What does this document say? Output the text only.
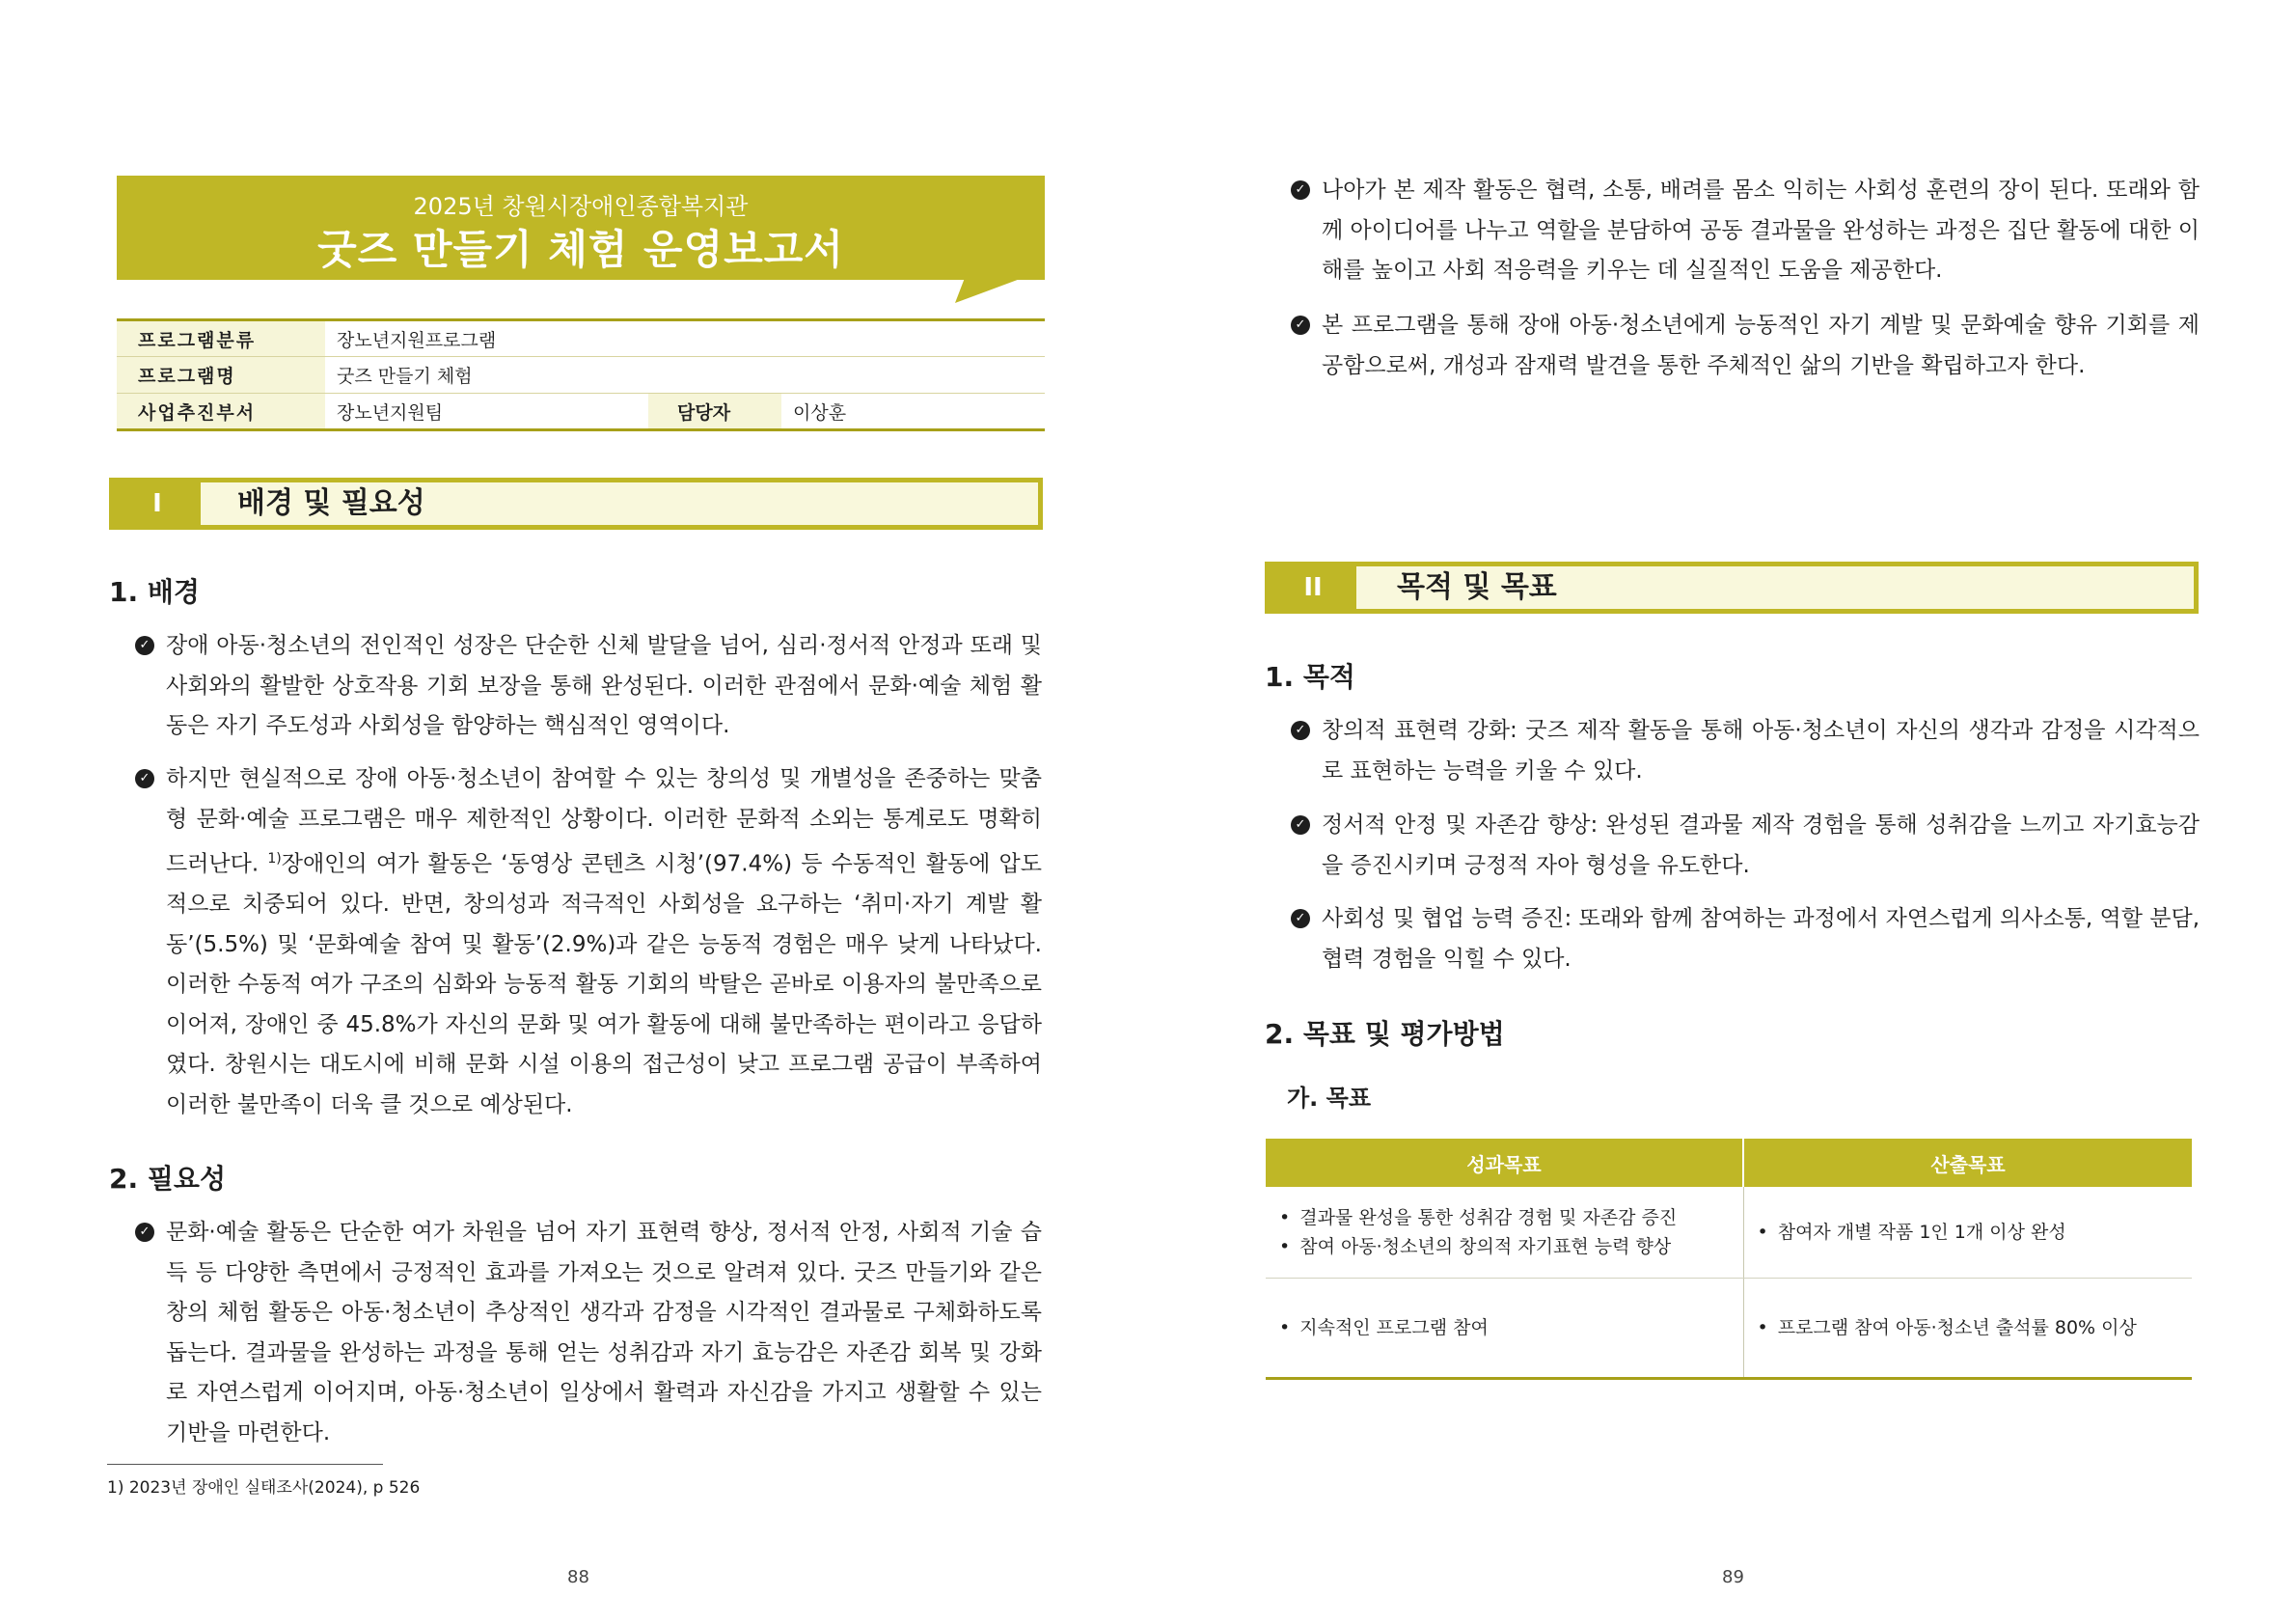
2025년 창원시장애인종합복지관
굿즈 만들기 체험 운영보고서
프로그램분류	장노년지원프로그램		
프로그램명	굿즈 만들기 체험		
사업추진부서	장노년지원팀	담당자	이상훈
I	배경 및 필요성
1. 배경
✓ 장애 아동·청소년의 전인적인 성장은 단순한 신체 발달을 넘어, 심리·정서적 안정과 또래 및 사회와의 활발한 상호작용 기회 보장을 통해 완성된다. 이러한 관점에서 문화·예술 체험 활동은 자기 주도성과 사회성을 함양하는 핵심적인 영역이다.
✓ 하지만 현실적으로 장애 아동·청소년이 참여할 수 있는 창의성 및 개별성을 존중하는 맞춤형 문화·예술 프로그램은 매우 제한적인 상황이다. 이러한 문화적 소외는 통계로도 명확히 드러난다. $^{1)}$장애인의 여가 활동은 ‘동영상 콘텐츠 시청’(97.4%) 등 수동적인 활동에 압도적으로 치중되어 있다. 반면, 창의성과 적극적인 사회성을 요구하는 ‘취미·자기 계발 활동’(5.5%) 및 ‘문화예술 참여 및 활동’(2.9%)과 같은 능동적 경험은 매우 낮게 나타났다. 이러한 수동적 여가 구조의 심화와 능동적 활동 기회의 박탈은 곧바로 이용자의 불만족으로 이어져, 장애인 중 45.8%가 자신의 문화 및 여가 활동에 대해 불만족하는 편이라고 응답하였다. 창원시는 대도시에 비해 문화 시설 이용의 접근성이 낮고 프로그램 공급이 부족하여 이러한 불만족이 더욱 클 것으로 예상된다.
2. 필요성
✓ 문화·예술 활동은 단순한 여가 차원을 넘어 자기 표현력 향상, 정서적 안정, 사회적 기술 습득 등 다양한 측면에서 긍정적인 효과를 가져오는 것으로 알려져 있다. 굿즈 만들기와 같은 창의 체험 활동은 아동·청소년이 추상적인 생각과 감정을 시각적인 결과물로 구체화하도록 돕는다. 결과물을 완성하는 과정을 통해 얻는 성취감과 자기 효능감은 자존감 회복 및 강화로 자연스럽게 이어지며, 아동·청소년이 일상에서 활력과 자신감을 가지고 생활할 수 있는 기반을 마련한다.
1) 2023년 장애인 실태조사(2024), p 526
88
✓ 나아가 본 제작 활동은 협력, 소통, 배려를 몸소 익히는 사회성 훈련의 장이 된다. 또래와 함께 아이디어를 나누고 역할을 분담하여 공동 결과물을 완성하는 과정은 집단 활동에 대한 이해를 높이고 사회 적응력을 키우는 데 실질적인 도움을 제공한다.
✓ 본 프로그램을 통해 장애 아동·청소년에게 능동적인 자기 계발 및 문화예술 향유 기회를 제공함으로써, 개성과 잠재력 발견을 통한 주체적인 삶의 기반을 확립하고자 한다.
II	목적 및 목표
1. 목적
✓ 창의적 표현력 강화: 굿즈 제작 활동을 통해 아동·청소년이 자신의 생각과 감정을 시각적으로 표현하는 능력을 키울 수 있다.
✓ 정서적 안정 및 자존감 향상: 완성된 결과물 제작 경험을 통해 성취감을 느끼고 자기효능감을 증진시키며 긍정적 자아 형성을 유도한다.
✓ 사회성 및 협업 능력 증진: 또래와 함께 참여하는 과정에서 자연스럽게 의사소통, 역할 분담, 협력 경험을 익힐 수 있다.
2. 목표 및 평가방법
가. 목표
성과목표	산출목표

• 결과물 완성을 통한 성취감 경험 및 자존감 증진
• 참여 아동·청소년의 창의적 자기표현 능력 향상	• 참여자 개별 작품 1인 1개 이상 완성

• 지속적인 프로그램 참여	• 프로그램 참여 아동·청소년 출석률 80% 이상
89
